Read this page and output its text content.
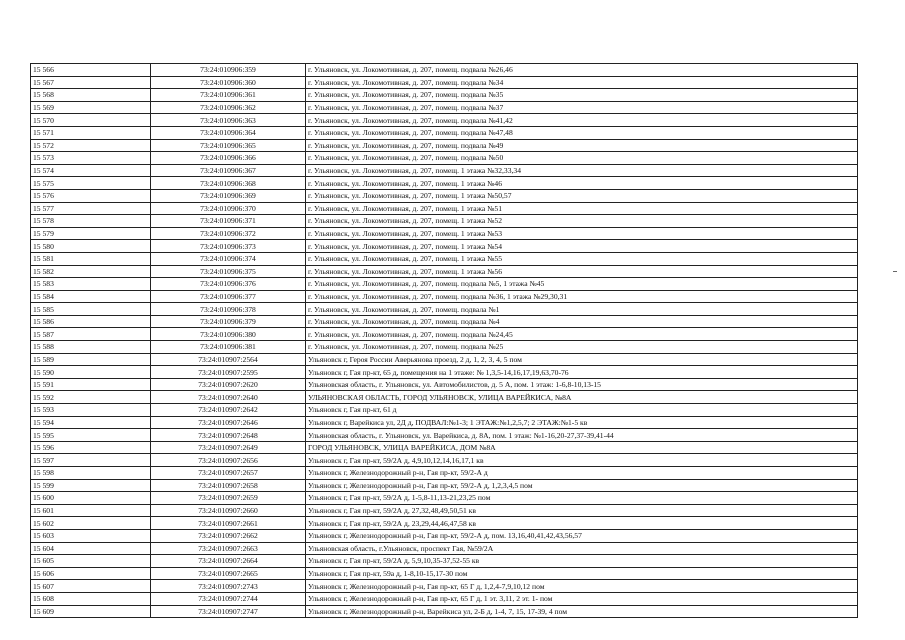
15 566	73:24:010906:359	г. Ульяновск, ул. Локомотивная, д. 207, помещ. подвала №26,46
15 567	73:24:010906:360	г. Ульяновск, ул. Локомотивная, д. 207, помещ. подвала №34
15 568	73:24:010906:361	г. Ульяновск, ул. Локомотивная, д. 207, помещ. подвала №35
15 569	73:24:010906:362	г. Ульяновск, ул. Локомотивная, д. 207, помещ. подвала №37
15 570	73:24:010906:363	г. Ульяновск, ул. Локомотивная, д. 207, помещ. подвала №41,42
15 571	73:24:010906:364	г. Ульяновск, ул. Локомотивная, д. 207, помещ. подвала №47,48
15 572	73:24:010906:365	г. Ульяновск, ул. Локомотивная, д. 207, помещ. подвала №49
15 573	73:24:010906:366	г. Ульяновск, ул. Локомотивная, д. 207, помещ. подвала №50
15 574	73:24:010906:367	г. Ульяновск, ул. Локомотивная, д. 207, помещ. 1 этажа №32,33,34
15 575	73:24:010906:368	г. Ульяновск, ул. Локомотивная, д. 207, помещ. 1 этажа №46
15 576	73:24:010906:369	г. Ульяновск, ул. Локомотивная, д. 207, помещ. 1 этажа №50,57
15 577	73:24:010906:370	г. Ульяновск, ул. Локомотивная, д. 207, помещ. 1 этажа №51
15 578	73:24:010906:371	г. Ульяновск, ул. Локомотивная, д. 207, помещ. 1 этажа №52
15 579	73:24:010906:372	г. Ульяновск, ул. Локомотивная, д. 207, помещ. 1 этажа №53
15 580	73:24:010906:373	г. Ульяновск, ул. Локомотивная, д. 207, помещ. 1 этажа №54
15 581	73:24:010906:374	г. Ульяновск, ул. Локомотивная, д. 207, помещ. 1 этажа №55
15 582	73:24:010906:375	г. Ульяновск, ул. Локомотивная, д. 207, помещ. 1 этажа №56
15 583	73:24:010906:376	г. Ульяновск, ул. Локомотивная, д. 207, помещ. подвала №5, 1 этажа №45
15 584	73:24:010906:377	г. Ульяновск, ул. Локомотивная, д. 207, помещ. подвала №36, 1 этажа №29,30,31
15 585	73:24:010906:378	г. Ульяновск, ул. Локомотивная, д. 207, помещ. подвала №1
15 586	73:24:010906:379	г. Ульяновск, ул. Локомотивная, д. 207, помещ. подвала №4
15 587	73:24:010906:380	г. Ульяновск, ул. Локомотивная, д. 207, помещ. подвала №24,45
15 588	73:24:010906:381	г. Ульяновск, ул. Локомотивная, д. 207, помещ. подвала №25
15 589	73:24:010907:2564	Ульяновск г, Героя России Аверьянова проезд, 2 д, 1, 2, 3, 4, 5 пом
15 590	73:24:010907:2595	Ульяновск г, Гая пр-кт, 65 д, помещения на 1 этаже: № 1,3,5-14,16,17,19,63,70-76
15 591	73:24:010907:2620	Ульяновская область, г. Ульяновск, ул. Автомобилистов, д. 5 А, пом. 1 этаж: 1-6,8-10,13-15
15 592	73:24:010907:2640	УЛЬЯНОВСКАЯ ОБЛАСТЬ, ГОРОД УЛЬЯНОВСК, УЛИЦА ВАРЕЙКИСА, №8А
15 593	73:24:010907:2642	Ульяновск г, Гая пр-кт, 61 д
15 594	73:24:010907:2646	Ульяновск г, Варейкиса ул, 2Д д, ПОДВАЛ:№1-3; 1 ЭТАЖ:№1,2,5,7; 2 ЭТАЖ:№1-5 кв
15 595	73:24:010907:2648	Ульяновская область, г. Ульяновск, ул. Варейкиса, д. 8А, пом. 1 этаж: №1-16,20-27,37-39,41-44
15 596	73:24:010907:2649	ГОРОД УЛЬЯНОВСК, УЛИЦА ВАРЕЙКИСА, ДОМ №8А
15 597	73:24:010907:2656	Ульяновск г, Гая пр-кт, 59/2А д, 4,9,10,12,14,16,17,1 кв
15 598	73:24:010907:2657	Ульяновск г, Железнодорожный р-н, Гая пр-кт, 59/2-А д
15 599	73:24:010907:2658	Ульяновск г, Железнодорожный р-н, Гая пр-кт, 59/2-А д, 1,2,3,4,5 пом
15 600	73:24:010907:2659	Ульяновск г, Гая пр-кт, 59/2А д, 1-5,8-11,13-21,23,25 пом
15 601	73:24:010907:2660	Ульяновск г, Гая пр-кт, 59/2А д, 27,32,48,49,50,51 кв
15 602	73:24:010907:2661	Ульяновск г, Гая пр-кт, 59/2А д, 23,29,44,46,47,58 кв
15 603	73:24:010907:2662	Ульяновск г, Железнодорожный р-н, Гая пр-кт, 59/2-А д, пом. 13,16,40,41,42,43,56,57
15 604	73:24:010907:2663	Ульяновская область, г.Ульяновск, проспект Гая, №59/2А
15 605	73:24:010907:2664	Ульяновск г, Гая пр-кт, 59/2А д, 5,9,10,35-37,52-55 кв
15 606	73:24:010907:2665	Ульяновск г, Гая пр-кт, 59а д, 1-8,10-15,17-30 пом
15 607	73:24:010907:2743	Ульяновск г, Железнодорожный р-н, Гая пр-кт, 65 Г д, 1,2,4-7,9,10,12 пом
15 608	73:24:010907:2744	Ульяновск г, Железнодорожный р-н, Гая пр-кт, 65 Г д, 1 эт. 3,11, 2 эт. 1- пом
15 609	73:24:010907:2747	Ульяновск г, Железнодорожный р-н, Варейкиса ул, 2-Б д, 1-4, 7, 15, 17-39, 4 пом
